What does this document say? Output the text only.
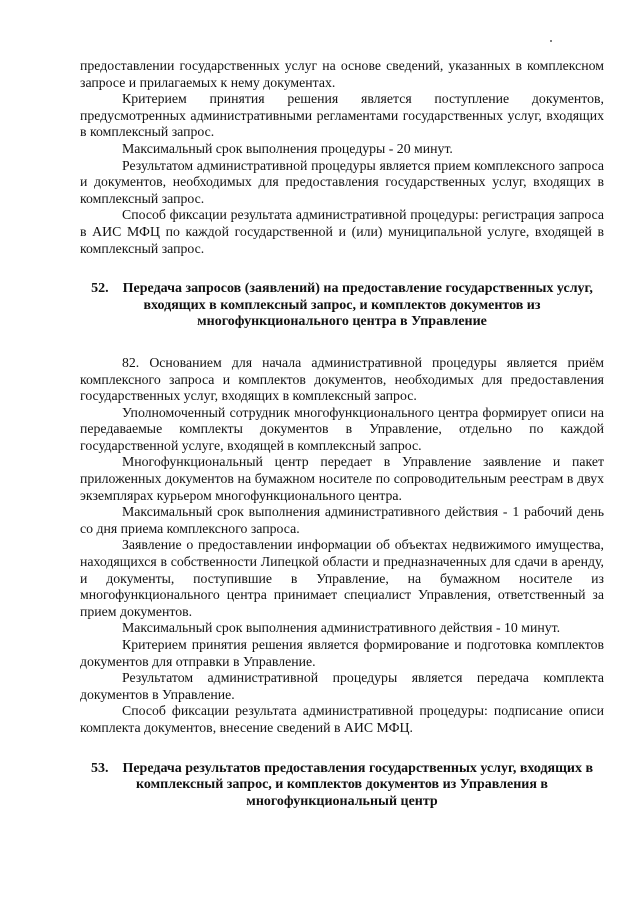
предоставлении государственных услуг на основе сведений, указанных в комплексном запросе и прилагаемых к нему документах.

Критерием принятия решения является поступление документов, предусмотренных административными регламентами государственных услуг, входящих в комплексный запрос.

Максимальный срок выполнения процедуры - 20 минут.

Результатом административной процедуры является прием комплексного запроса и документов, необходимых для предоставления государственных услуг, входящих в комплексный запрос.

Способ фиксации результата административной процедуры: регистрация запроса в АИС МФЦ по каждой государственной и (или) муниципальной услуге, входящей в комплексный запрос.

52. Передача запросов (заявлений) на предоставление государственных услуг, входящих в комплексный запрос, и комплектов документов из многофункционального центра в Управление

82. Основанием для начала административной процедуры является приём комплексного запроса и комплектов документов, необходимых для предоставления государственных услуг, входящих в комплексный запрос.

Уполномоченный сотрудник многофункционального центра формирует описи на передаваемые комплекты документов в Управление, отдельно по каждой государственной услуге, входящей в комплексный запрос.

Многофункциональный центр передает в Управление заявление и пакет приложенных документов на бумажном носителе по сопроводительным реестрам в двух экземплярах курьером многофункционального центра.

Максимальный срок выполнения административного действия - 1 рабочий день со дня приема комплексного запроса.

Заявление о предоставлении информации об объектах недвижимого имущества, находящихся в собственности Липецкой области и предназначенных для сдачи в аренду, и документы, поступившие в Управление, на бумажном носителе из многофункционального центра принимает специалист Управления, ответственный за прием документов.

Максимальный срок выполнения административного действия - 10 минут.

Критерием принятия решения является формирование и подготовка комплектов документов для отправки в Управление.

Результатом административной процедуры является передача комплекта документов в Управление.

Способ фиксации результата административной процедуры: подписание описи комплекта документов, внесение сведений в АИС МФЦ.

53. Передача результатов предоставления государственных услуг, входящих в комплексный запрос, и комплектов документов из Управления в многофункциональный центр
